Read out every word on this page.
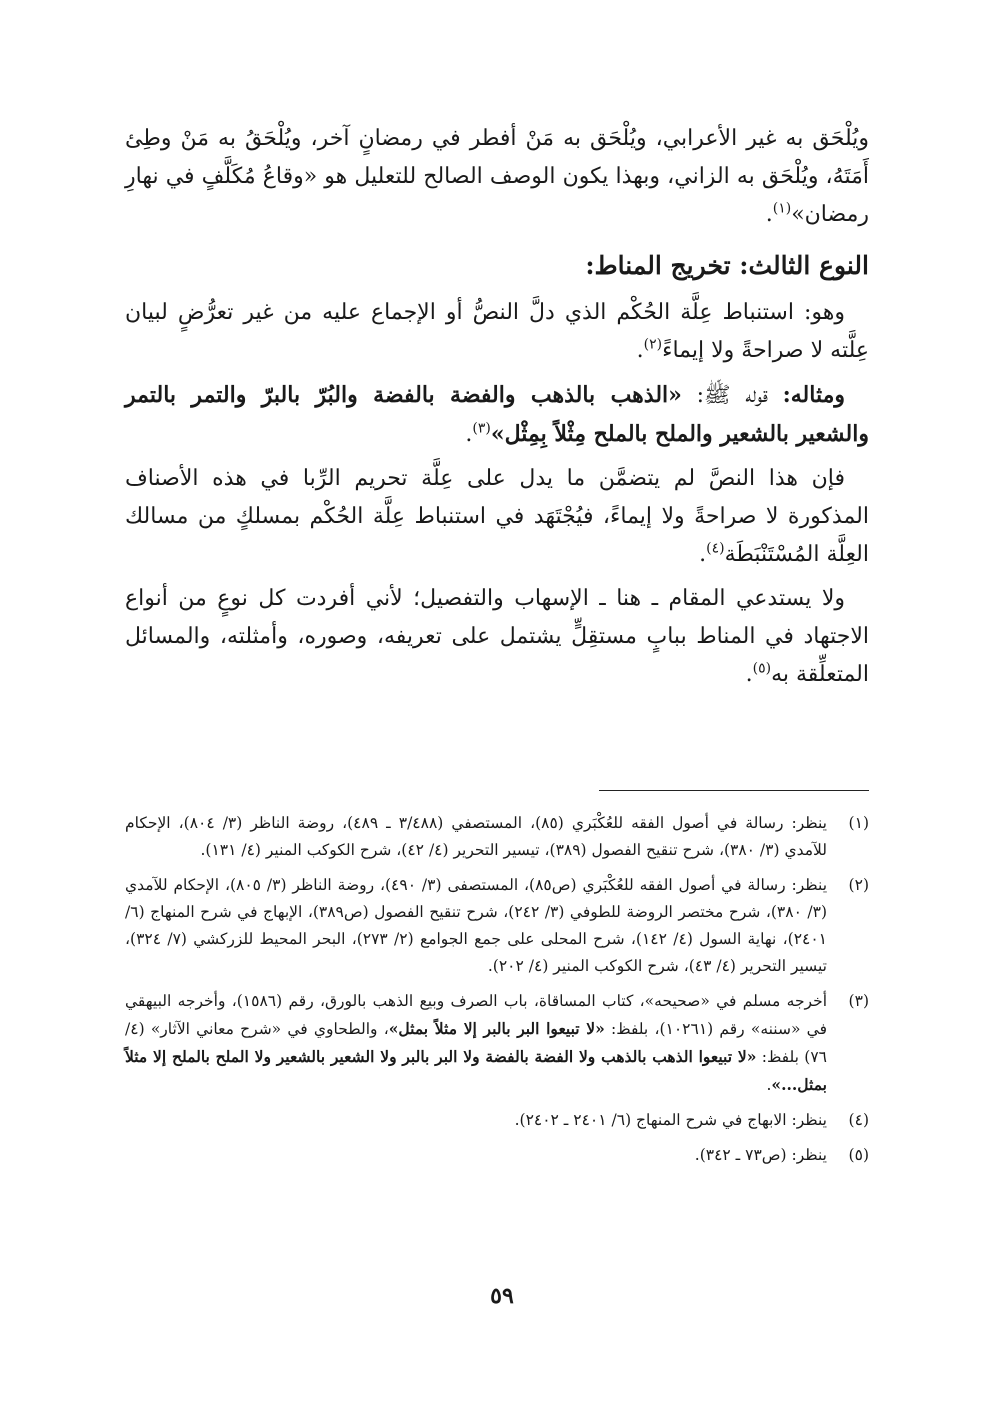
ويُلْحَق به غير الأعرابي، ويُلْحَق به مَنْ أفطر في رمضانٍ آخر، ويُلْحَقُ به مَنْ وطِئ أَمَتَهُ، ويُلْحَق به الزاني، وبهذا يكون الوصف الصالح للتعليل هو «وقاعُ مُكَلَّفٍ في نهارِ رمضان»$^{(١)}$.

النوع الثالث: تخريج المناط:

وهو: استنباط عِلَّة الحُكْم الذي دلَّ النصُّ أو الإجماع عليه من غير تعرُّضٍ لبيان عِلَّته لا صراحةً ولا إيماءً$^{(٢)}$.

ومثاله: قوله ﷺ: «الذهب بالذهب والفضة بالفضة والبُرّ بالبرّ والتمر بالتمر والشعير بالشعير والملح بالملح مِثْلاً بِمِثْل»$^{(٣)}$.

فإن هذا النصَّ لم يتضمَّن ما يدل على عِلَّة تحريم الرِّبا في هذه الأصناف المذكورة لا صراحةً ولا إيماءً، فيُجْتَهَد في استنباط عِلَّة الحُكْم بمسلكٍ من مسالك العِلَّة المُسْتَنْبَطَة$^{(٤)}$.

ولا يستدعي المقام ـ هنا ـ الإسهاب والتفصيل؛ لأني أفردت كل نوعٍ من أنواع الاجتهاد في المناط ببابٍ مستقِلٍّ يشتمل على تعريفه، وصوره، وأمثلته، والمسائل المتعلِّقة به$^{(٥)}$.

(١)
ينظر: رسالة في أصول الفقه للعُكْبَري (٨٥)، المستصفي (٣/٤٨٨ ـ ٤٨٩)، روضة الناظر (٣/ ٨٠٤)، الإحكام للآمدي (٣/ ٣٨٠)، شرح تنقيح الفصول (٣٨٩)، تيسير التحرير (٤/ ٤٢)، شرح الكوكب المنير (٤/ ١٣١).
(٢)
ينظر: رسالة في أصول الفقه للعُكْبَري (ص٨٥)، المستصفى (٣/ ٤٩٠)، روضة الناظر (٣/ ٨٠٥)، الإحكام للآمدي (٣/ ٣٨٠)، شرح مختصر الروضة للطوفي (٣/ ٢٤٢)، شرح تنقيح الفصول (ص٣٨٩)، الإبهاج في شرح المنهاج (٦/ ٢٤٠١)، نهاية السول (٤/ ١٤٢)، شرح المحلى على جمع الجوامع (٢/ ٢٧٣)، البحر المحيط للزركشي (٧/ ٣٢٤)، تيسير التحرير (٤/ ٤٣)، شرح الكوكب المنير (٤/ ٢٠٢).
(٣)
أخرجه مسلم في «صحيحه»، كتاب المساقاة، باب الصرف وبيع الذهب بالورق، رقم (١٥٨٦)، وأخرجه البيهقي في «سننه» رقم (١٠٢٦١)، بلفظ: «لا تبيعوا البر بالبر إلا مثلاً بمثل»، والطحاوي في «شرح معاني الآثار» (٤/ ٧٦) بلفظ: «لا تبيعوا الذهب بالذهب ولا الفضة بالفضة ولا البر بالبر ولا الشعير بالشعير ولا الملح بالملح إلا مثلاً بمثل...».
(٤)
ينظر: الابهاج في شرح المنهاج (٦/ ٢٤٠١ ـ ٢٤٠٢).
(٥)
ينظر: (ص٧٣ ـ ٣٤٢).
٥٩
